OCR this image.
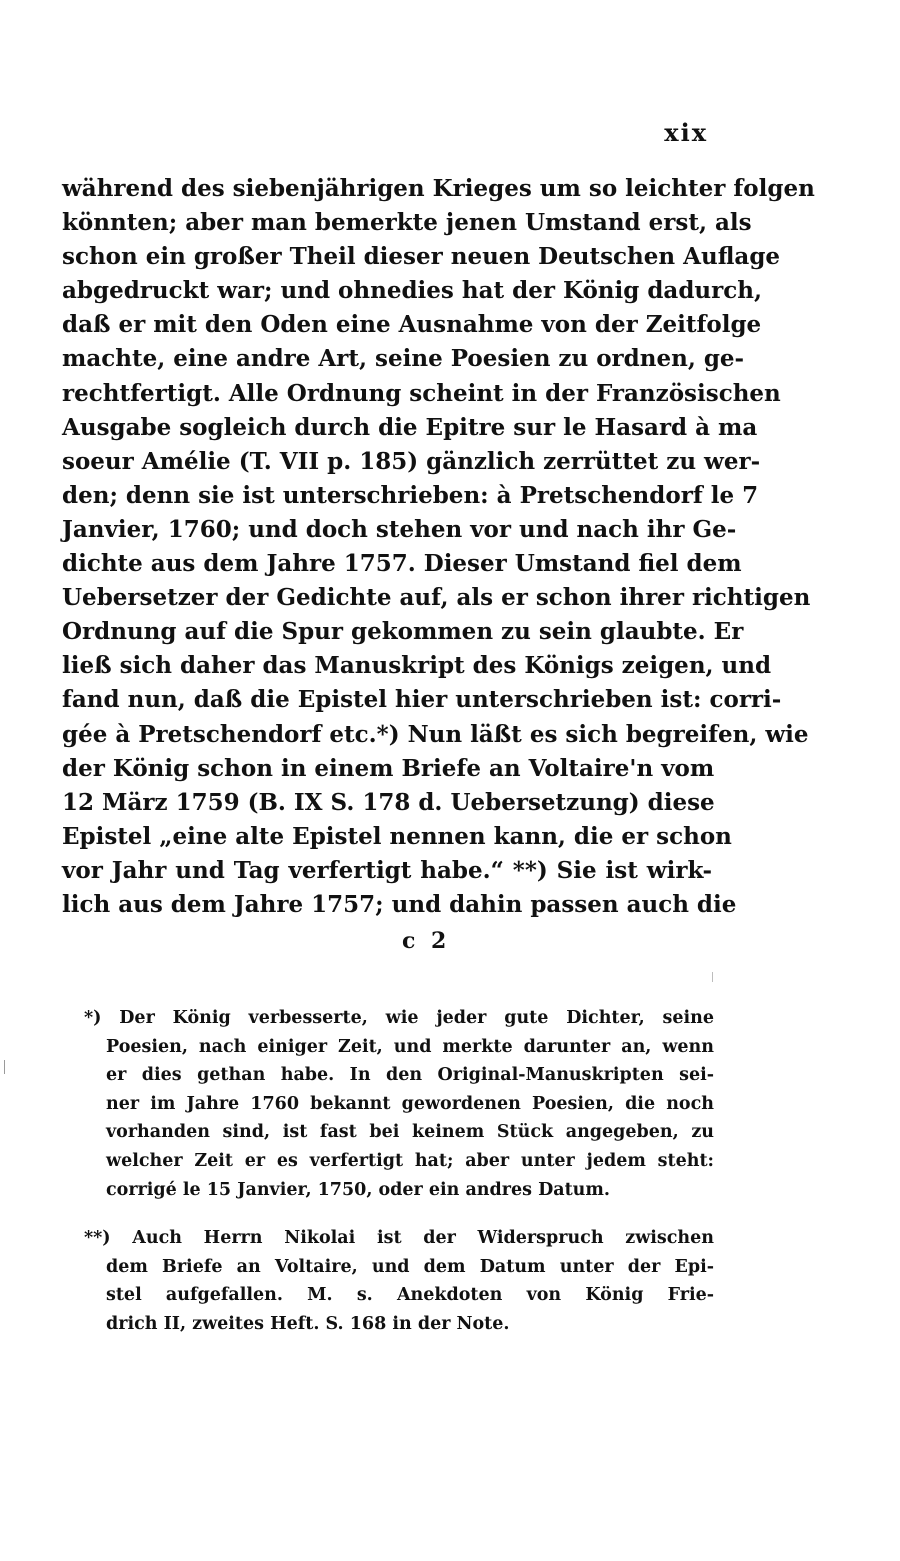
xix
während des siebenjährigen Krieges um so leichter folgen
könnten; aber man bemerkte jenen Umstand erst, als
schon ein großer Theil dieser neuen Deutschen Auflage
abgedruckt war; und ohnedies hat der König dadurch,
daß er mit den Oden eine Ausnahme von der Zeitfolge
machte, eine andre Art, seine Poesien zu ordnen, ge-
rechtfertigt. Alle Ordnung scheint in der Französischen
Ausgabe sogleich durch die Epitre sur le Hasard à ma
soeur Amélie (T. VII p. 185) gänzlich zerrüttet zu wer-
den; denn sie ist unterschrieben: à Pretschendorf le 7
Janvier, 1760; und doch stehen vor und nach ihr Ge-
dichte aus dem Jahre 1757. Dieser Umstand fiel dem
Uebersetzer der Gedichte auf, als er schon ihrer richtigen
Ordnung auf die Spur gekommen zu sein glaubte. Er
ließ sich daher das Manuskript des Königs zeigen, und
fand nun, daß die Epistel hier unterschrieben ist: corri-
gée à Pretschendorf etc.*) Nun läßt es sich begreifen, wie
der König schon in einem Briefe an Voltaire'n vom
12 März 1759 (B. IX S. 178 d. Uebersetzung) diese
Epistel „eine alte Epistel nennen kann, die er schon
vor Jahr und Tag verfertigt habe.“ **) Sie ist wirk-
lich aus dem Jahre 1757; und dahin passen auch die
c 2
*) Der König verbesserte, wie jeder gute Dichter, seine
Poesien, nach einiger Zeit, und merkte darunter an, wenn
er dies gethan habe. In den Original-Manuskripten sei-
ner im Jahre 1760 bekannt gewordenen Poesien, die noch
vorhanden sind, ist fast bei keinem Stück angegeben, zu
welcher Zeit er es verfertigt hat; aber unter jedem steht:
corrigé le 15 Janvier, 1750, oder ein andres Datum.
**) Auch Herrn Nikolai ist der Widerspruch zwischen
dem Briefe an Voltaire, und dem Datum unter der Epi-
stel aufgefallen. M. s. Anekdoten von König Frie-
drich II, zweites Heft. S. 168 in der Note.
